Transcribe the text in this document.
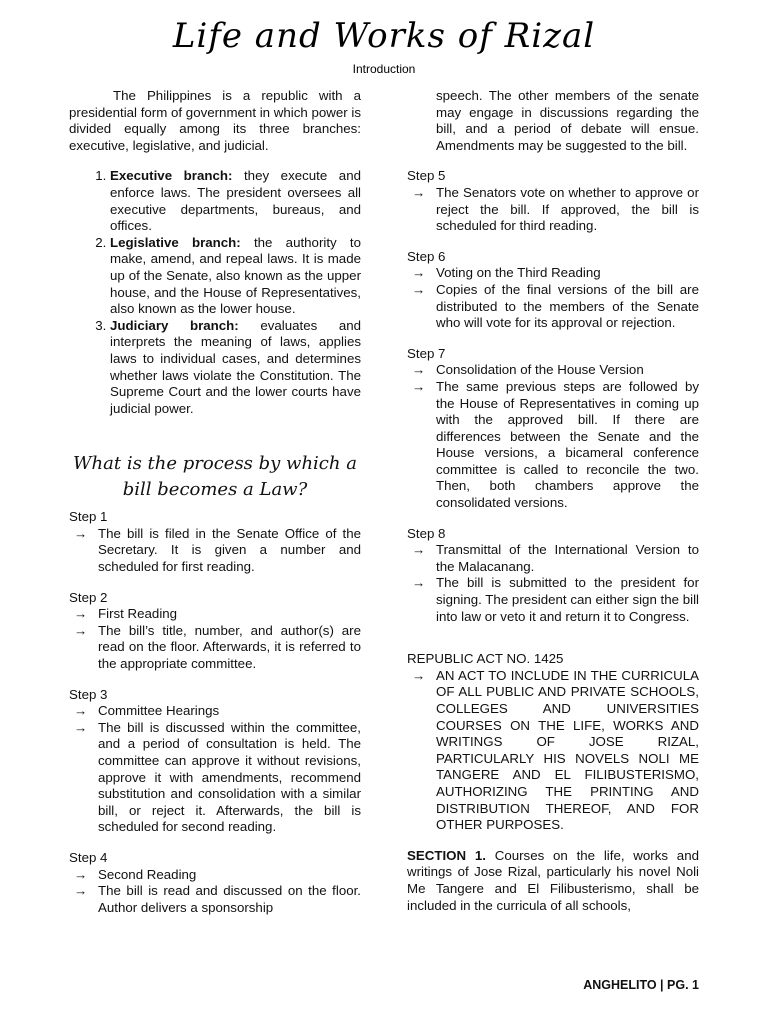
Life and Works of Rizal
Introduction

The Philippines is a republic with a presidential form of government in which power is divided equally among its three branches: executive, legislative, and judicial.

1. Executive branch: they execute and enforce laws. The president oversees all executive departments, bureaus, and offices.
2. Legislative branch: the authority to make, amend, and repeal laws. It is made up of the Senate, also known as the upper house, and the House of Representatives, also known as the lower house.
3. Judiciary branch: evaluates and interprets the meaning of laws, applies laws to individual cases, and determines whether laws violate the Constitution. The Supreme Court and the lower courts have judicial power.
What is the process by which a bill becomes a Law?
Step 1
→ The bill is filed in the Senate Office of the Secretary. It is given a number and scheduled for first reading.
Step 2
→ First Reading
→ The bill’s title, number, and author(s) are read on the floor. Afterwards, it is referred to the appropriate committee.
Step 3
→ Committee Hearings
→ The bill is discussed within the committee, and a period of consultation is held. The committee can approve it without revisions, approve it with amendments, recommend substitution and consolidation with a similar bill, or reject it. Afterwards, the bill is scheduled for second reading.
Step 4
→ Second Reading
→ The bill is read and discussed on the floor. Author delivers a sponsorship

speech. The other members of the senate may engage in discussions regarding the bill, and a period of debate will ensue. Amendments may be suggested to the bill.

Step 5
→ The Senators vote on whether to approve or reject the bill. If approved, the bill is scheduled for third reading.
Step 6
→ Voting on the Third Reading
→ Copies of the final versions of the bill are distributed to the members of the Senate who will vote for its approval or rejection.
Step 7
→ Consolidation of the House Version
→ The same previous steps are followed by the House of Representatives in coming up with the approved bill. If there are differences between the Senate and the House versions, a bicameral conference committee is called to reconcile the two. Then, both chambers approve the consolidated versions.
Step 8
→ Transmittal of the International Version to the Malacanang.
→ The bill is submitted to the president for signing. The president can either sign the bill into law or veto it and return it to Congress.
REPUBLIC ACT NO. 1425
→ AN ACT TO INCLUDE IN THE CURRICULA OF ALL PUBLIC AND PRIVATE SCHOOLS, COLLEGES AND UNIVERSITIES COURSES ON THE LIFE, WORKS AND WRITINGS OF JOSE RIZAL, PARTICULARLY HIS NOVELS NOLI ME TANGERE AND EL FILIBUSTERISMO, AUTHORIZING THE PRINTING AND DISTRIBUTION THEREOF, AND FOR OTHER PURPOSES.

SECTION 1. Courses on the life, works and writings of Jose Rizal, particularly his novel Noli Me Tangere and El Filibusterismo, shall be included in the curricula of all schools,

ANGHELITO | PG. 1
